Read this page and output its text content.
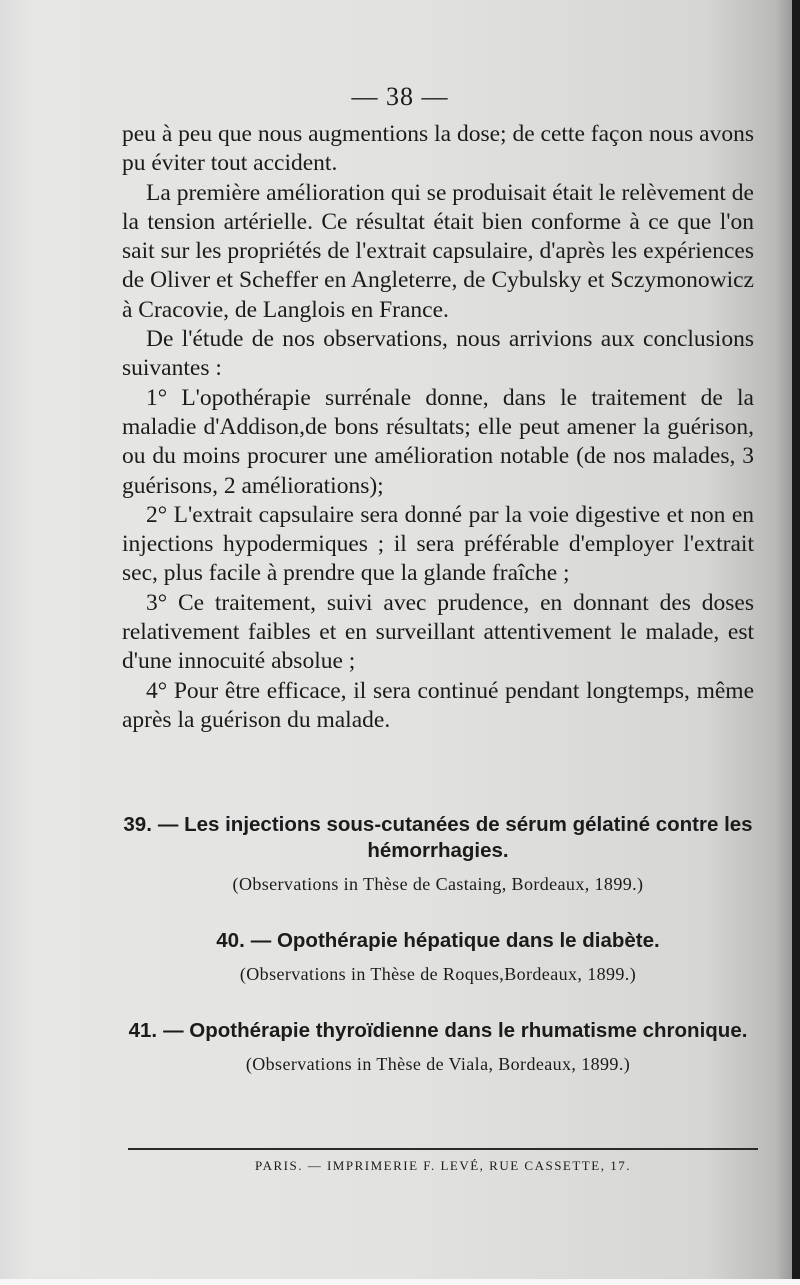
— 38 —

peu à peu que nous augmentions la dose; de cette façon nous avons pu éviter tout accident.

La première amélioration qui se produisait était le relèvement de la tension artérielle. Ce résultat était bien conforme à ce que l'on sait sur les propriétés de l'extrait capsulaire, d'après les expériences de Oliver et Scheffer en Angleterre, de Cybulsky et Sczymonowicz à Cracovie, de Langlois en France.

De l'étude de nos observations, nous arrivions aux conclusions suivantes :

1° L'opothérapie surrénale donne, dans le traitement de la maladie d'Addison,de bons résultats; elle peut amener la guérison, ou du moins procurer une amélioration notable (de nos malades, 3 guérisons, 2 améliorations);

2° L'extrait capsulaire sera donné par la voie digestive et non en injections hypodermiques ; il sera préférable d'employer l'extrait sec, plus facile à prendre que la glande fraîche ;

3° Ce traitement, suivi avec prudence, en donnant des doses relativement faibles et en surveillant attentivement le malade, est d'une innocuité absolue ;

4° Pour être efficace, il sera continué pendant longtemps, même après la guérison du malade.

39. — Les injections sous-cutanées de sérum gélatiné contre les hémorrhagies.
(Observations in Thèse de Castaing, Bordeaux, 1899.)
40. — Opothérapie hépatique dans le diabète.
(Observations in Thèse de Roques,Bordeaux, 1899.)
41. — Opothérapie thyroïdienne dans le rhumatisme chronique.
(Observations in Thèse de Viala, Bordeaux, 1899.)
PARIS. — IMPRIMERIE F. LEVÉ, RUE CASSETTE, 17.
